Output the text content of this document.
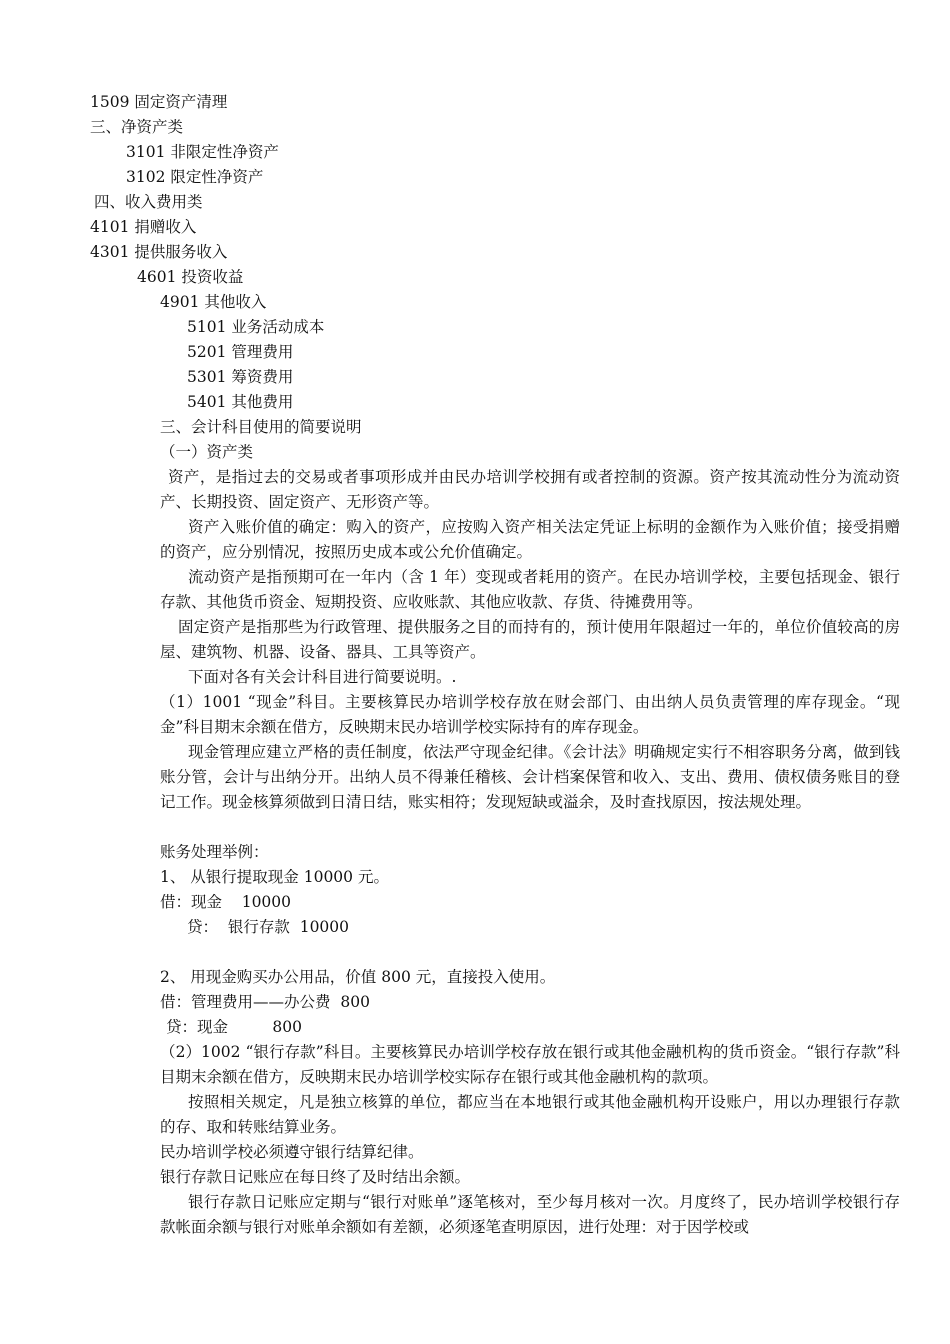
1509 固定资产清理
三、净资产类
3101 非限定性净资产
3102 限定性净资产
四、收入费用类
4101 捐赠收入
4301 提供服务收入
4601 投资收益
4901 其他收入
5101 业务活动成本
5201 管理费用
5301 筹资费用
5401 其他费用
三、会计科目使用的简要说明
（一）资产类
资产，是指过去的交易或者事项形成并由民办培训学校拥有或者控制的资源。资产按其流动性分为流动资产、长期投资、固定资产、无形资产等。
资产入账价值的确定：购入的资产，应按购入资产相关法定凭证上标明的金额作为入账价值；接受捐赠的资产，应分别情况，按照历史成本或公允价值确定。
流动资产是指预期可在一年内（含 1 年）变现或者耗用的资产。在民办培训学校，主要包括现金、银行存款、其他货币资金、短期投资、应收账款、其他应收款、存货、待摊费用等。
固定资产是指那些为行政管理、提供服务之目的而持有的，预计使用年限超过一年的，单位价值较高的房屋、建筑物、机器、设备、器具、工具等资产。
下面对各有关会计科目进行简要说明。.
（1）1001 “现金”科目。主要核算民办培训学校存放在财会部门、由出纳人员负责管理的库存现金。“现金”科目期末余额在借方，反映期末民办培训学校实际持有的库存现金。
现金管理应建立严格的责任制度，依法严守现金纪律。《会计法》明确规定实行不相容职务分离，做到钱账分管，会计与出纳分开。出纳人员不得兼任稽核、会计档案保管和收入、支出、费用、债权债务账目的登记工作。现金核算须做到日清日结，账实相符；发现短缺或溢余，及时查找原因，按法规处理。
账务处理举例：
1、 从银行提取现金 10000 元。
借：现金    10000
贷：  银行存款  10000
2、 用现金购买办公用品，价值 800 元，直接投入使用。
借：管理费用——办公费  800
贷：现金         800
（2）1002 “银行存款”科目。主要核算民办培训学校存放在银行或其他金融机构的货币资金。“银行存款”科目期末余额在借方，反映期末民办培训学校实际存在银行或其他金融机构的款项。
按照相关规定，凡是独立核算的单位，都应当在本地银行或其他金融机构开设账户，用以办理银行存款的存、取和转账结算业务。
民办培训学校必须遵守银行结算纪律。
银行存款日记账应在每日终了及时结出余额。
银行存款日记账应定期与“银行对账单”逐笔核对，至少每月核对一次。月度终了，民办培训学校银行存款帐面余额与银行对账单余额如有差额，必须逐笔查明原因，进行处理：对于因学校或
